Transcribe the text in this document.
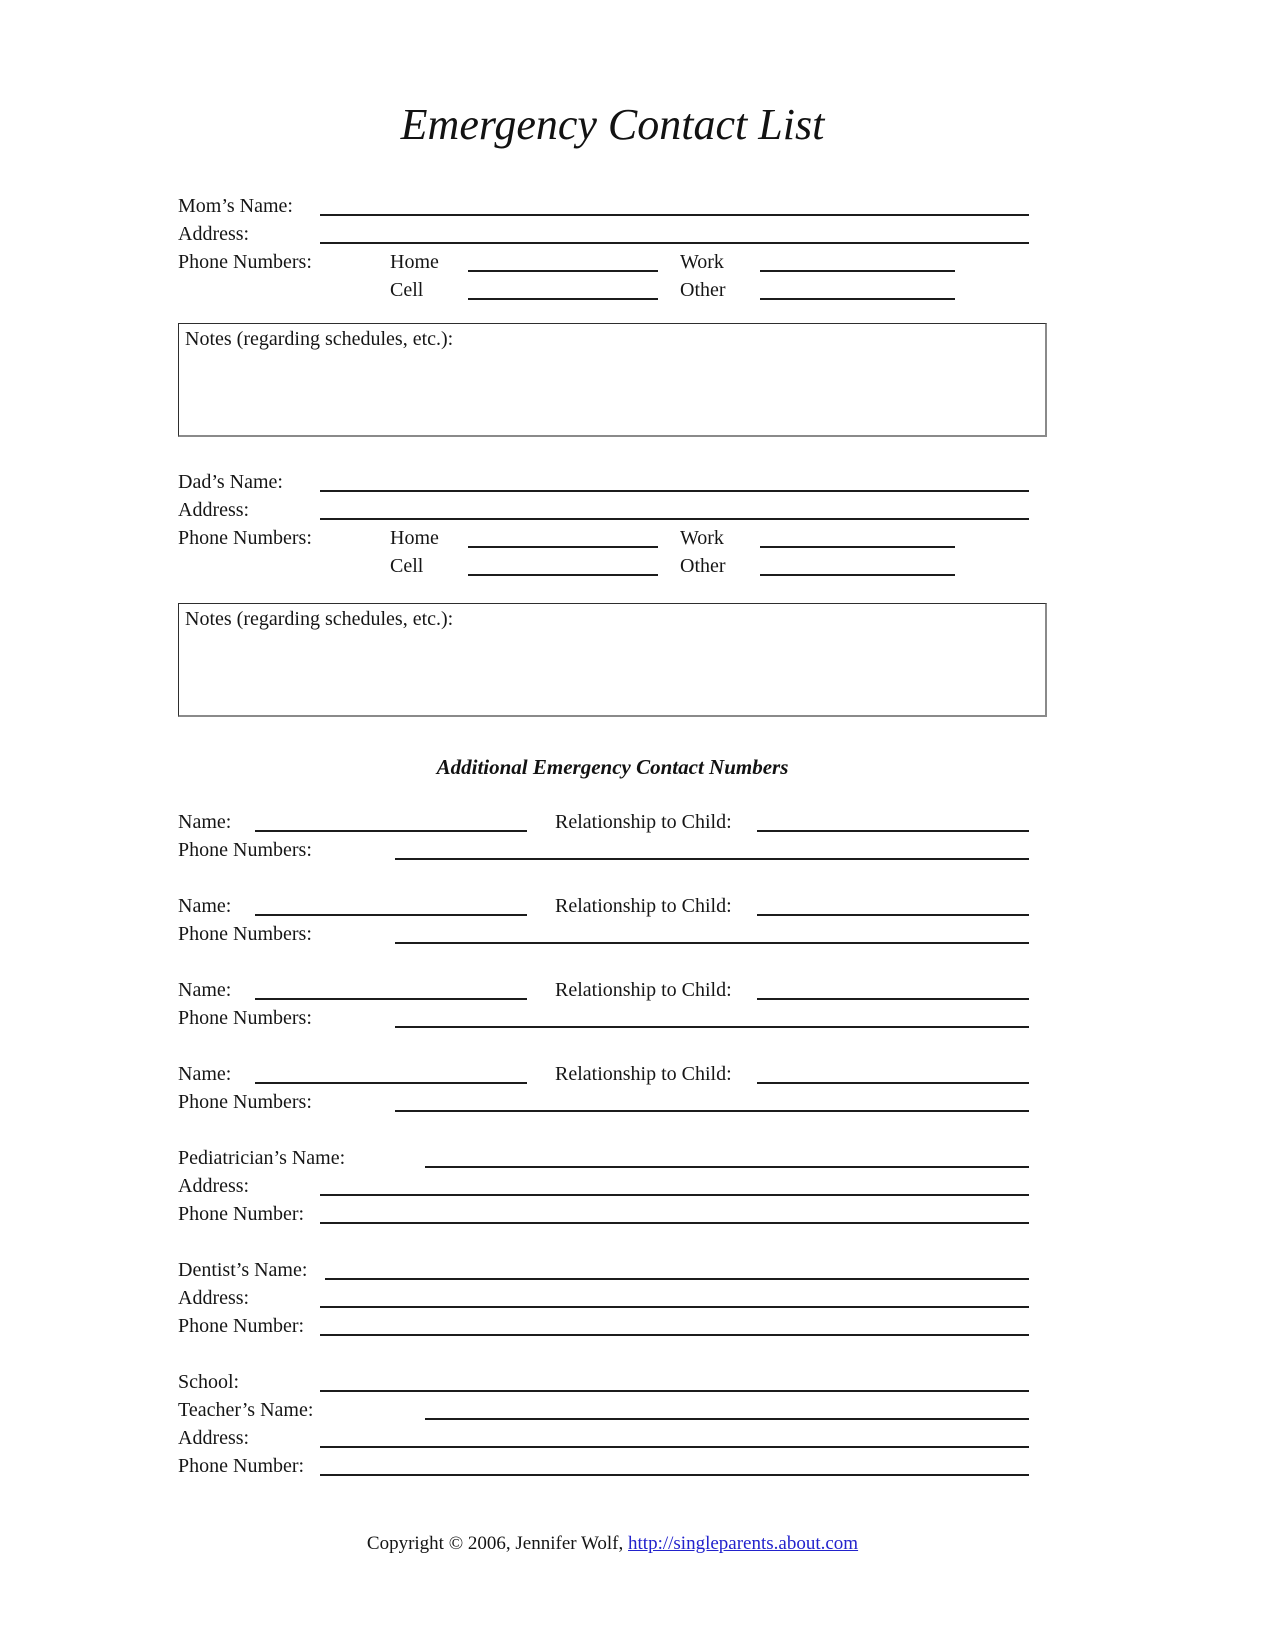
Emergency Contact List
Mom’s Name:
Address:
Phone Numbers:	Home	Work
Cell	Other
Notes (regarding schedules, etc.):
Dad’s Name:
Address:
Phone Numbers:	Home	Work
Cell	Other
Notes (regarding schedules, etc.):
Additional Emergency Contact Numbers
Name:	Relationship to Child:
Phone Numbers:
Name:	Relationship to Child:
Phone Numbers:
Name:	Relationship to Child:
Phone Numbers:
Name:	Relationship to Child:
Phone Numbers:
Pediatrician’s Name:
Address:
Phone Number:
Dentist’s Name:
Address:
Phone Number:
School:
Teacher’s Name:
Address:
Phone Number:
Copyright © 2006, Jennifer Wolf, http://singleparents.about.com
